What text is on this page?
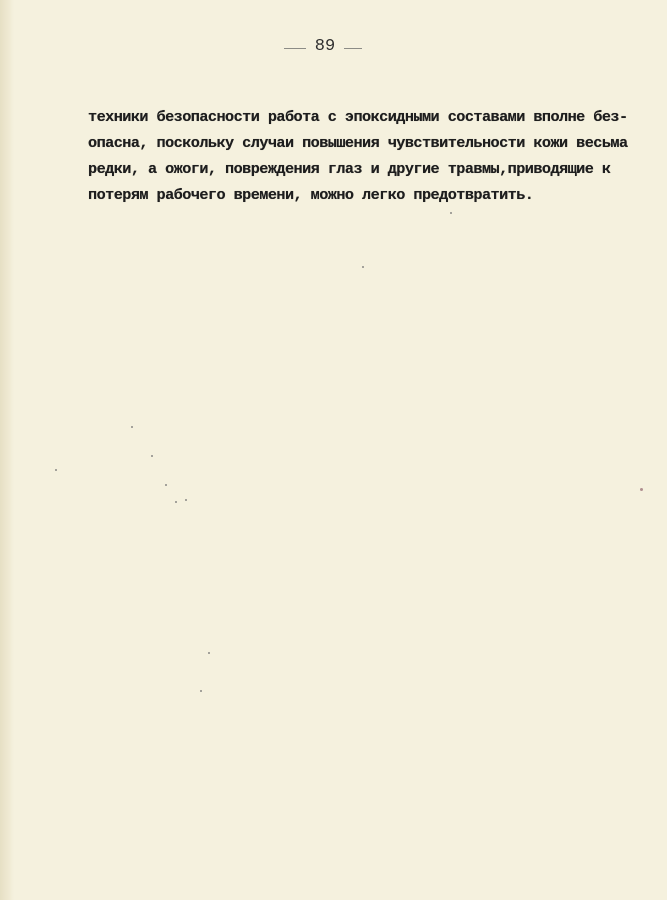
89
техники безопасности работа с эпоксидными составами вполне без-
опасна, поскольку случаи повышения чувствительности кожи весьма
редки, а ожоги, повреждения глаз и другие травмы,приводящие к
потерям рабочего времени, можно легко предотвратить.
